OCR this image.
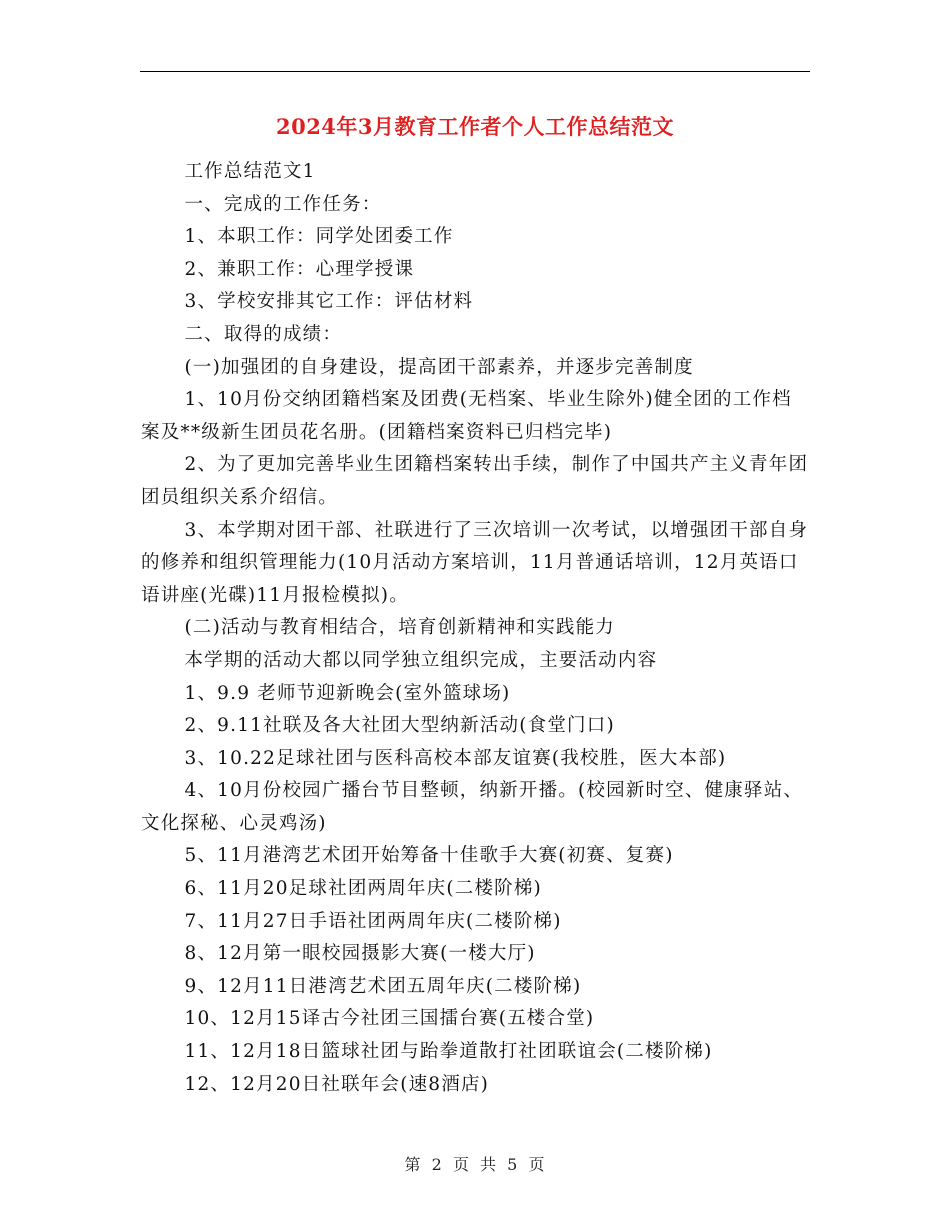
2024年3月教育工作者个人工作总结范文

工作总结范文1

一、完成的工作任务：

1、本职工作：同学处团委工作

2、兼职工作：心理学授课

3、学校安排其它工作：评估材料

二、取得的成绩：

(一)加强团的自身建设，提高团干部素养，并逐步完善制度

1、10月份交纳团籍档案及团费(无档案、毕业生除外)健全团的工作档案及**级新生团员花名册。(团籍档案资料已归档完毕)

2、为了更加完善毕业生团籍档案转出手续，制作了中国共产主义青年团团员组织关系介绍信。

3、本学期对团干部、社联进行了三次培训一次考试，以增强团干部自身的修养和组织管理能力(10月活动方案培训，11月普通话培训，12月英语口语讲座(光碟)11月报检模拟)。

(二)活动与教育相结合，培育创新精神和实践能力

本学期的活动大都以同学独立组织完成，主要活动内容

1、9.9 老师节迎新晚会(室外篮球场)

2、9.11社联及各大社团大型纳新活动(食堂门口)

3、10.22足球社团与医科高校本部友谊赛(我校胜，医大本部)

4、10月份校园广播台节目整顿，纳新开播。(校园新时空、健康驿站、文化探秘、心灵鸡汤)

5、11月港湾艺术团开始筹备十佳歌手大赛(初赛、复赛)

6、11月20足球社团两周年庆(二楼阶梯)

7、11月27日手语社团两周年庆(二楼阶梯)

8、12月第一眼校园摄影大赛(一楼大厅)

9、12月11日港湾艺术团五周年庆(二楼阶梯)

10、12月15译古今社团三国擂台赛(五楼合堂)

11、12月18日篮球社团与跆拳道散打社团联谊会(二楼阶梯)

12、12月20日社联年会(速8酒店)

第 2 页 共 5 页
